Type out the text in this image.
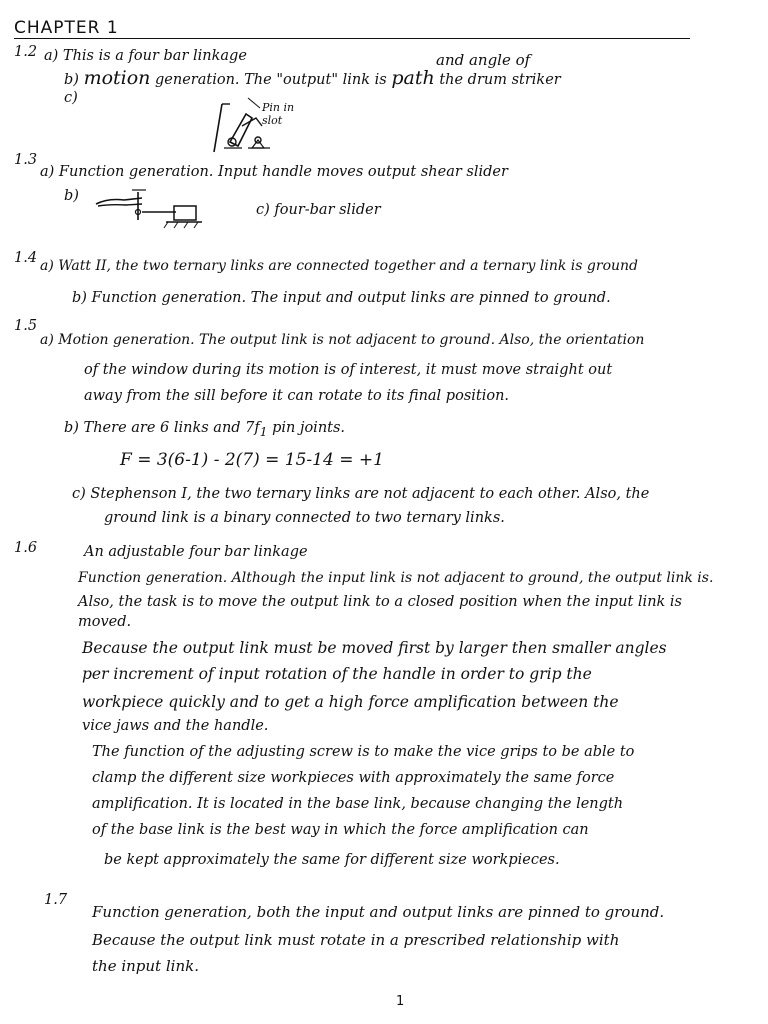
CHAPTER 1
1.2 a) This is a four bar linkage	and angle of
b) motion generation. The "output" link is path the drum striker
c)
Pin in
slot
1.3
a) Function generation. Input handle moves output shear slider
b)
c) four-bar slider
1.4 a) Watt II, the two ternary links are connected together and a ternary link is ground
b) Function generation. The input and output links are pinned to ground.
1.5
a) Motion generation. The output link is not adjacent to ground. Also, the orientation
of the window during its motion is of interest, it must move straight out
away from the sill before it can rotate to its final position.
b) There are 6 links and $7f_1$ pin joints.
F = 3(6-1) - 2(7) = 15-14 = +1
c) Stephenson I, the two ternary links are not adjacent to each other. Also, the
ground link is a binary connected to two ternary links.
1.6	An adjustable four bar linkage
Function generation. Although the input link is not adjacent to ground, the output link is.
Also, the task is to move the output link to a closed position when the input link is
moved.
Because the output link must be moved first by larger then smaller angles
per increment of input rotation of the handle in order to grip the
workpiece quickly and to get a high force amplification between the
vice jaws and the handle.
The function of the adjusting screw is to make the vice grips to be able to
clamp the different size workpieces with approximately the same force
amplification. It is located in the base link, because changing the length
of the base link is the best way in which the force amplification can
be kept approximately the same for different size workpieces.
1.7
Function generation, both the input and output links are pinned to ground.
Because the output link must rotate in a prescribed relationship with
the input link.
1
